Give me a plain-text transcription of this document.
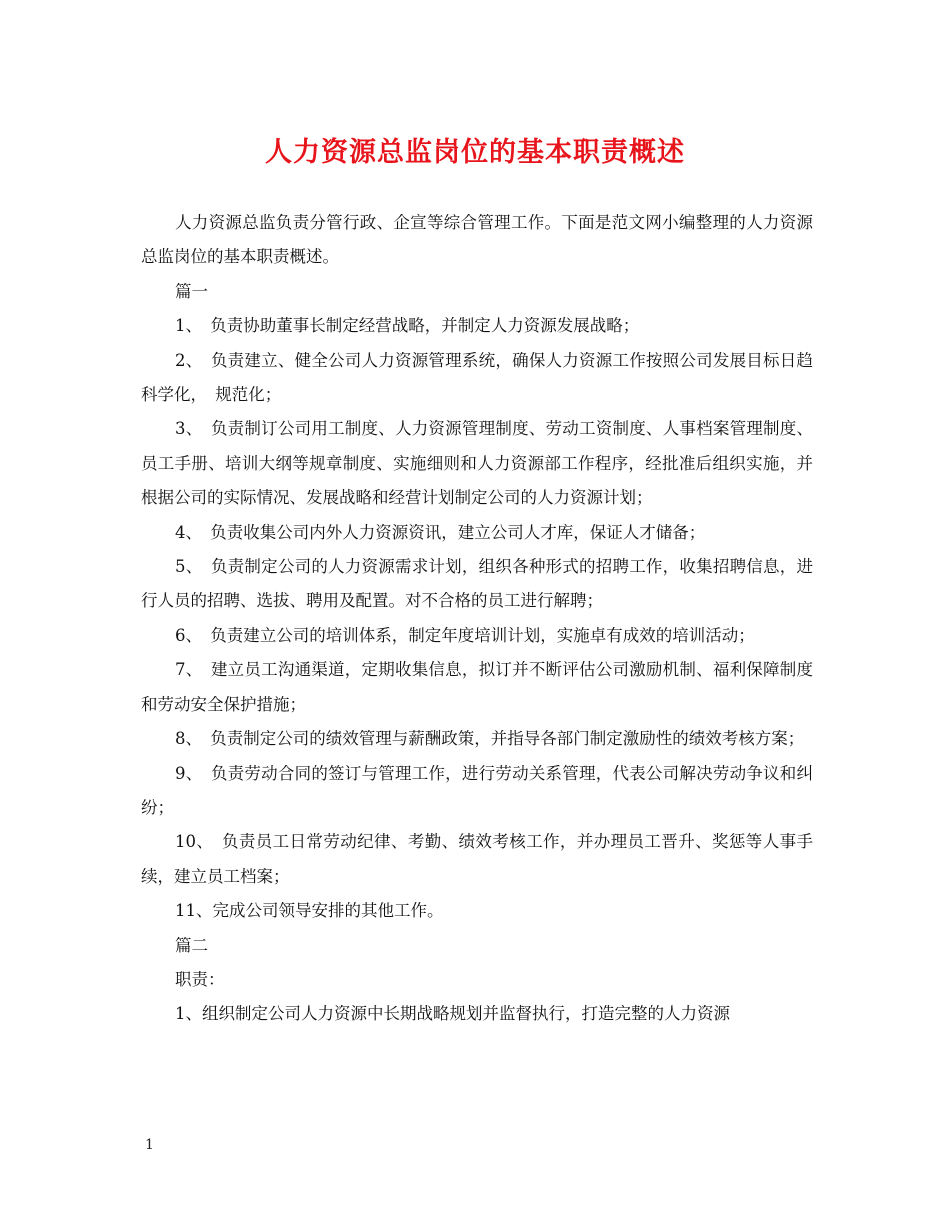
人力资源总监岗位的基本职责概述

人力资源总监负责分管行政、企宣等综合管理工作。下面是范文网小编整理的人力资源总监岗位的基本职责概述。

篇一

1、　负责协助董事长制定经营战略，并制定人力资源发展战略；

2、　负责建立、健全公司人力资源管理系统，确保人力资源工作按照公司发展目标日趋科学化，　规范化；

3、　负责制订公司用工制度、人力资源管理制度、劳动工资制度、人事档案管理制度、员工手册、培训大纲等规章制度、实施细则和人力资源部工作程序，经批准后组织实施，并根据公司的实际情况、发展战略和经营计划制定公司的人力资源计划；

4、　负责收集公司内外人力资源资讯，建立公司人才库，保证人才储备；

5、　负责制定公司的人力资源需求计划，组织各种形式的招聘工作，收集招聘信息，进行人员的招聘、选拔、聘用及配置。对不合格的员工进行解聘；

6、　负责建立公司的培训体系，制定年度培训计划，实施卓有成效的培训活动；

7、　建立员工沟通渠道，定期收集信息，拟订并不断评估公司激励机制、福利保障制度和劳动安全保护措施；

8、　负责制定公司的绩效管理与薪酬政策，并指导各部门制定激励性的绩效考核方案；

9、　负责劳动合同的签订与管理工作，进行劳动关系管理，代表公司解决劳动争议和纠纷；

10、　负责员工日常劳动纪律、考勤、绩效考核工作，并办理员工晋升、奖惩等人事手续，建立员工档案；

11、完成公司领导安排的其他工作。

篇二

职责：

1、组织制定公司人力资源中长期战略规划并监督执行，打造完整的人力资源

1
